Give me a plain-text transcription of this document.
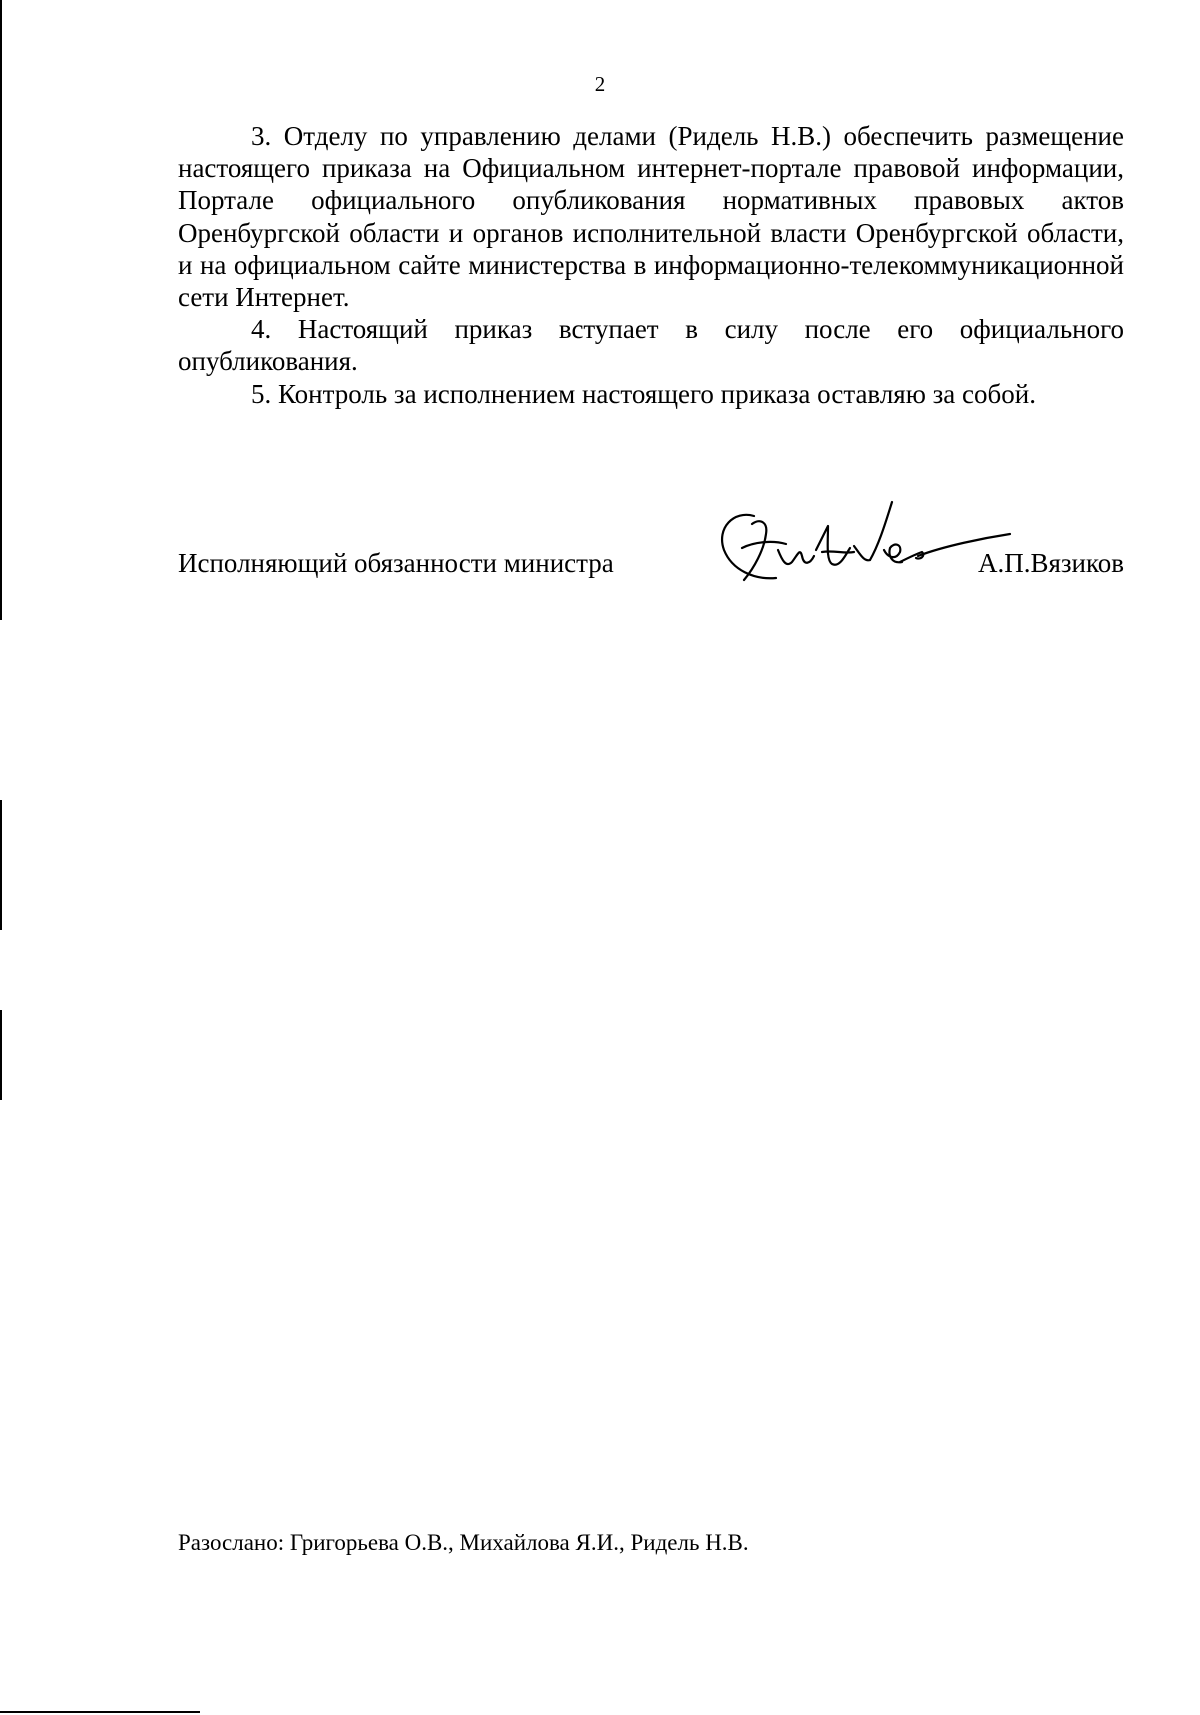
2

3. Отделу по управлению делами (Ридель Н.В.) обеспечить размещение настоящего приказа на Официальном интернет-портале правовой информации, Портале официального опубликования нормативных правовых актов Оренбургской области и органов исполнительной власти Оренбургской области, и на официальном сайте министерства в информационно-телекоммуникационной сети Интернет.

4. Настоящий приказ вступает в силу после его официального опубликования.

5. Контроль за исполнением настоящего приказа оставляю за собой.

Исполняющий обязанности министра	А.П.Вязиков
Разослано: Григорьева О.В., Михайлова Я.И., Ридель Н.В.
